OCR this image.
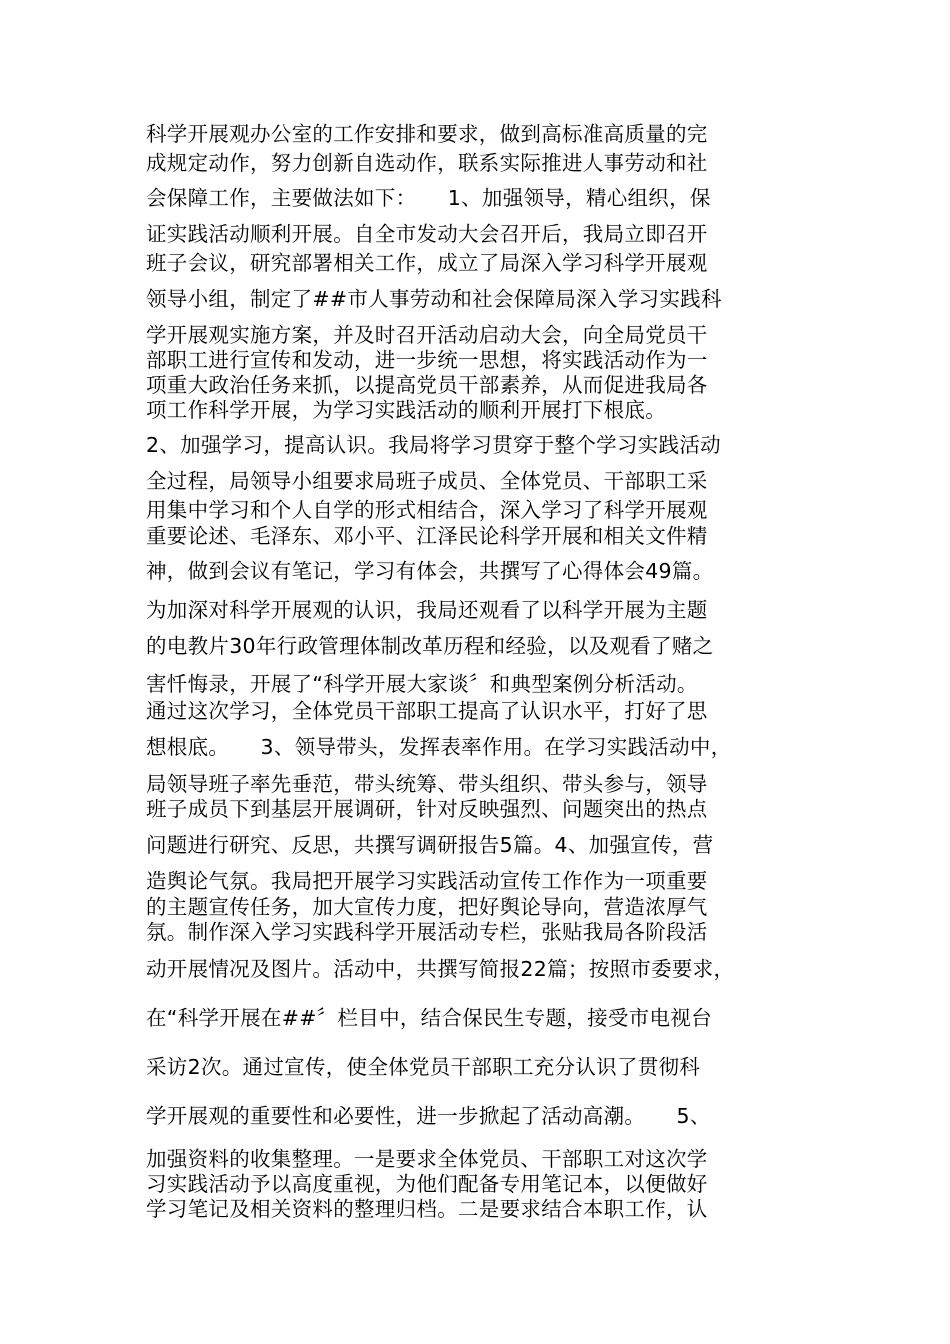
科学开展观办公室的工作安排和要求，做到高标准高质量的完
成规定动作，努力创新自选动作，联系实际推进人事劳动和社
会保障工作，主要做法如下：　　1、加强领导，精心组织，保
证实践活动顺利开展。自全市发动大会召开后，我局立即召开
班子会议，研究部署相关工作，成立了局深入学习科学开展观
领导小组，制定了##市人事劳动和社会保障局深入学习实践科
学开展观实施方案，并及时召开活动启动大会，向全局党员干
部职工进行宣传和发动，进一步统一思想，将实践活动作为一
项重大政治任务来抓，以提高党员干部素养，从而促进我局各
项工作科学开展，为学习实践活动的顺利开展打下根底。
2、加强学习，提高认识。我局将学习贯穿于整个学习实践活动
全过程，局领导小组要求局班子成员、全体党员、干部职工采
用集中学习和个人自学的形式相结合，深入学习了科学开展观
重要论述、毛泽东、邓小平、江泽民论科学开展和相关文件精
神，做到会议有笔记，学习有体会，共撰写了心得体会49篇。
为加深对科学开展观的认识，我局还观看了以科学开展为主题
的电教片30年行政管理体制改革历程和经验，以及观看了赌之
害忏悔录，开展了“科学开展大家谈〞和典型案例分析活动。
通过这次学习，全体党员干部职工提高了认识水平，打好了思
想根底。　　3、领导带头，发挥表率作用。在学习实践活动中，
局领导班子率先垂范，带头统筹、带头组织、带头参与，领导
班子成员下到基层开展调研，针对反映强烈、问题突出的热点
问题进行研究、反思，共撰写调研报告5篇。4、加强宣传，营
造舆论气氛。我局把开展学习实践活动宣传工作作为一项重要
的主题宣传任务，加大宣传力度，把好舆论导向，营造浓厚气
氛。制作深入学习实践科学开展活动专栏，张贴我局各阶段活
动开展情况及图片。活动中，共撰写简报22篇；按照市委要求，
在“科学开展在##〞栏目中，结合保民生专题，接受市电视台
采访2次。通过宣传，使全体党员干部职工充分认识了贯彻科
学开展观的重要性和必要性，进一步掀起了活动高潮。　　5、
加强资料的收集整理。一是要求全体党员、干部职工对这次学
习实践活动予以高度重视，为他们配备专用笔记本，以便做好
学习笔记及相关资料的整理归档。二是要求结合本职工作，认
